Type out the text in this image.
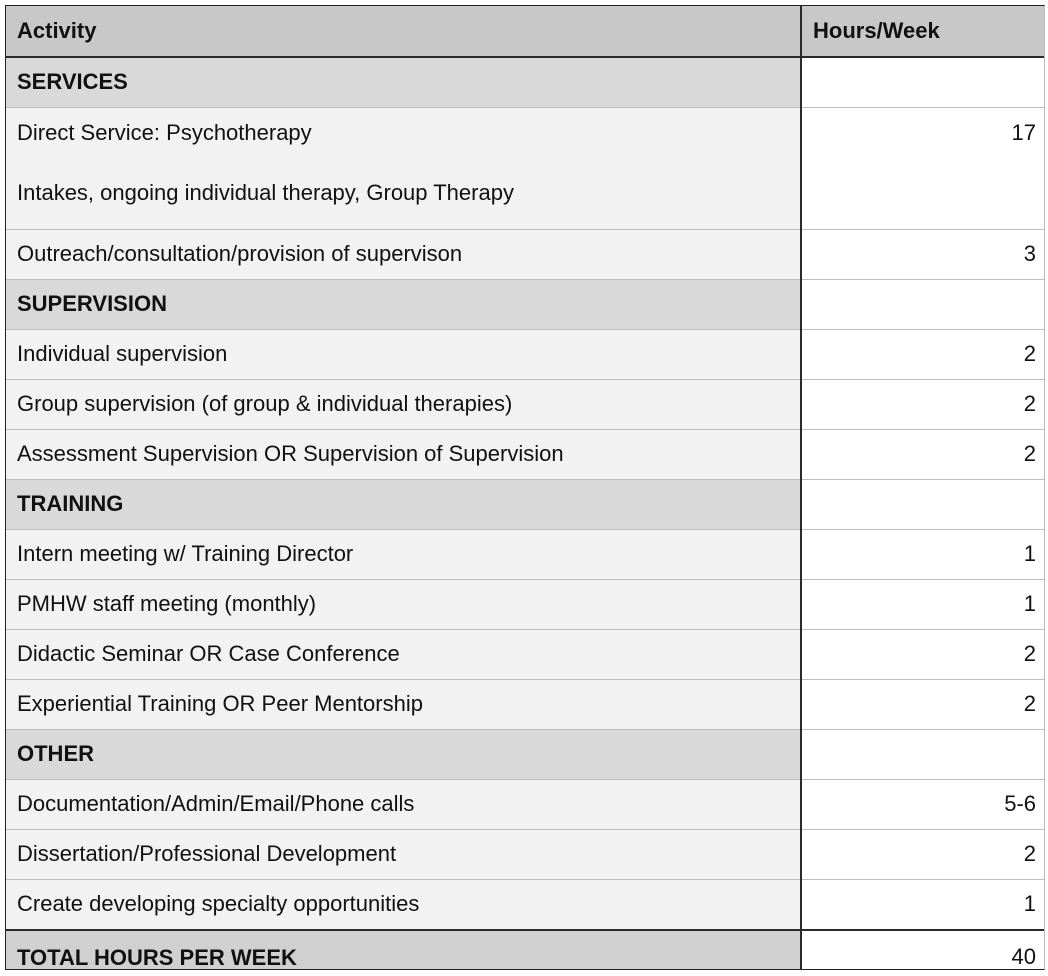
Activity	Hours/Week
SERVICES	

Direct Service: Psychotherapy
Intakes, ongoing individual therapy, Group Therapy	17
Outreach/consultation/provision of supervison	3
SUPERVISION	
Individual supervision	2
Group supervision (of group & individual therapies)	2
Assessment Supervision OR Supervision of Supervision	2
TRAINING	
Intern meeting w/ Training Director	1
PMHW staff meeting (monthly)	1
Didactic Seminar OR Case Conference	2
Experiential Training OR Peer Mentorship	2
OTHER	
Documentation/Admin/Email/Phone calls	5-6
Dissertation/Professional Development	2
Create developing specialty opportunities	1
TOTAL HOURS PER WEEK	40
